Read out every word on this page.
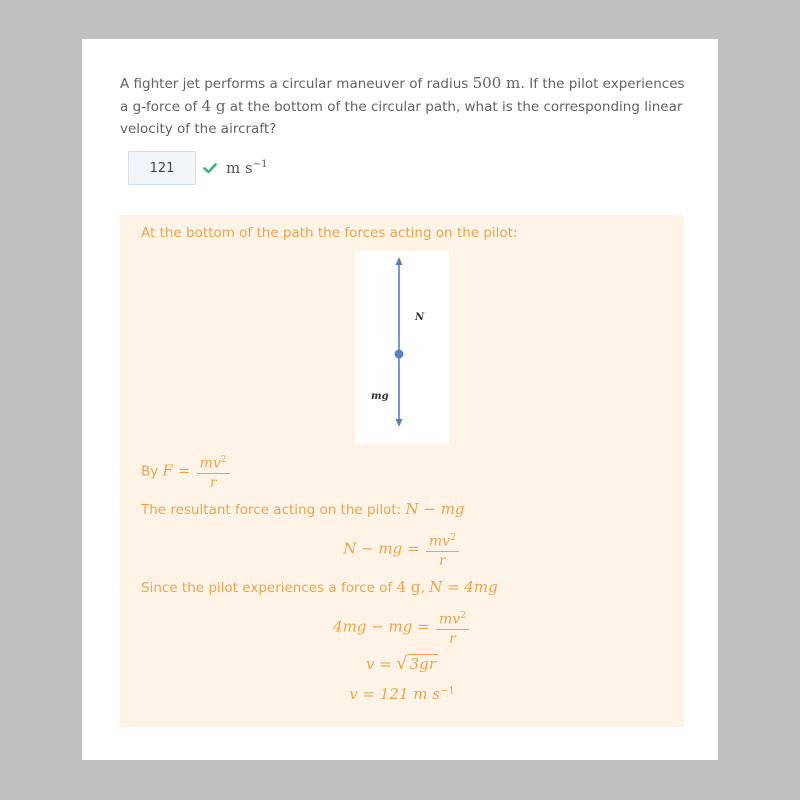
A fighter jet performs a circular maneuver of radius 500 m. If the pilot experiences a g-force of 4 g at the bottom of the circular path, what is the corresponding linear velocity of the aircraft?
121
m $s^{-1}$
At the bottom of the path the forces acting on the pilot:
N
mg
By $F = \frac{mv^2}{r}$
The resultant force acting on the pilot: N − mg
N − mg = $\frac{mv^2}{r}$
Since the pilot experiences a force of 4 g, N = 4mg
4mg − mg = $\frac{mv^2}{r}$
v = √ 3gr
v = 121 m $s^{-1}$
